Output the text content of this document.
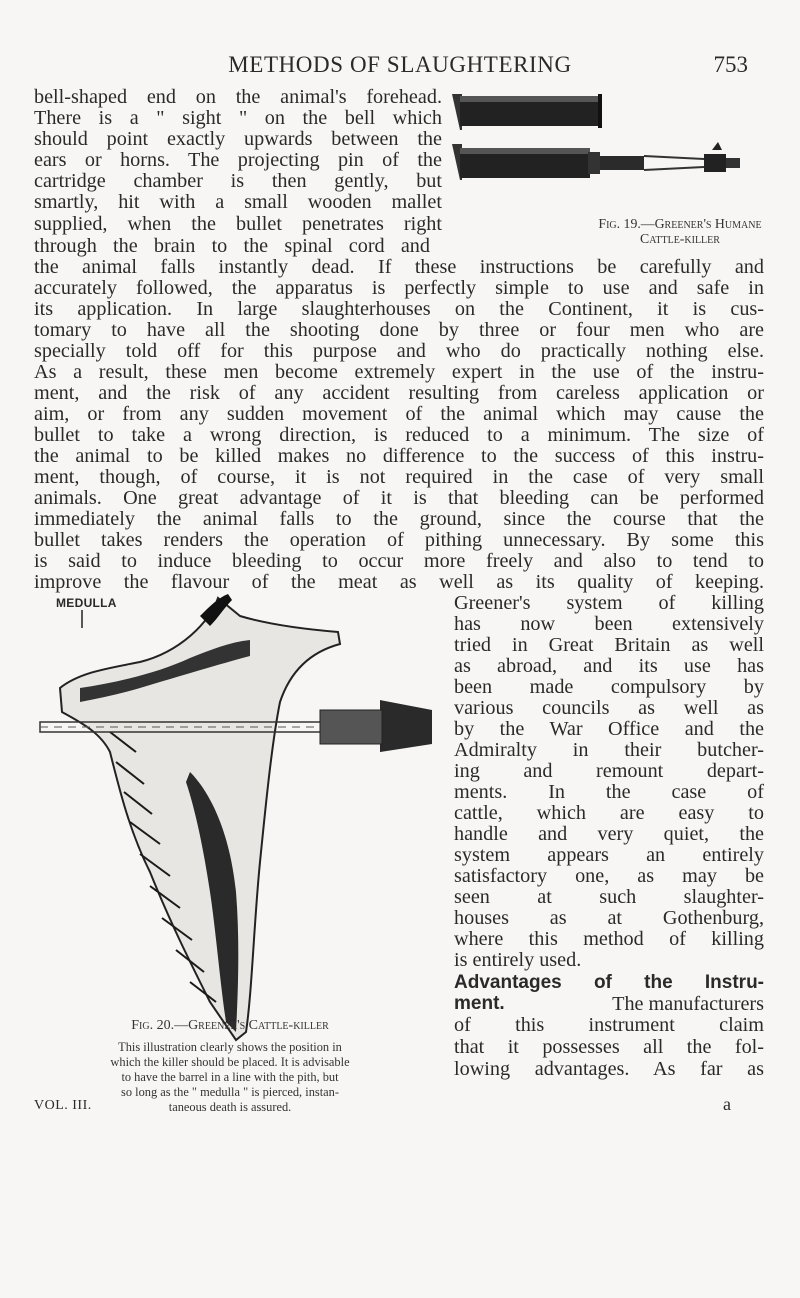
METHODS OF SLAUGHTERING	753
Fig. 19.—Greener's Humane
Cattle-killer
bell-shaped end on the animal's forehead.
There is a " sight " on the bell which
should point exactly upwards between the
ears or horns. The projecting pin of the
cartridge chamber is then gently, but
smartly, hit with a small wooden mallet
supplied, when the bullet penetrates right
through the brain to the spinal cord and
the animal falls instantly dead. If these instructions be carefully and
accurately followed, the apparatus is perfectly simple to use and safe in
its application. In large slaughterhouses on the Continent, it is cus-
tomary to have all the shooting done by three or four men who are
specially told off for this purpose and who do practically nothing else.
As a result, these men become extremely expert in the use of the instru-
ment, and the risk of any accident resulting from careless application or
aim, or from any sudden movement of the animal which may cause the
bullet to take a wrong direction, is reduced to a minimum. The size of
the animal to be killed makes no difference to the success of this instru-
ment, though, of course, it is not required in the case of very small
animals. One great advantage of it is that bleeding can be performed
immediately the animal falls to the ground, since the course that the
bullet takes renders the operation of pithing unnecessary. By some this
is said to induce bleeding to occur more freely and also to tend to
improve the flavour of the meat as well as its quality of keeping.
MEDULLA
Fig. 20.—Greener's Cattle-killer
This illustration clearly shows the position in
which the killer should be placed. It is advisable
to have the barrel in a line with the pith, but
so long as the " medulla " is pierced, instan-
taneous death is assured.
Greener's system of killing
has now been extensively
tried in Great Britain as well
as abroad, and its use has
been made compulsory by
various councils as well as
by the War Office and the
Admiralty in their butcher-
ing and remount depart-
ments. In the case of
cattle, which are easy to
handle and very quiet, the
system appears an entirely
satisfactory one, as may be
seen at such slaughter-
houses as at Gothenburg,
where this method of killing
is entirely used.
Advantages of the Instru-
ment.	The manufacturers
of this instrument claim
that it possesses all the fol-
lowing advantages. As far as
VOL. III.	a
